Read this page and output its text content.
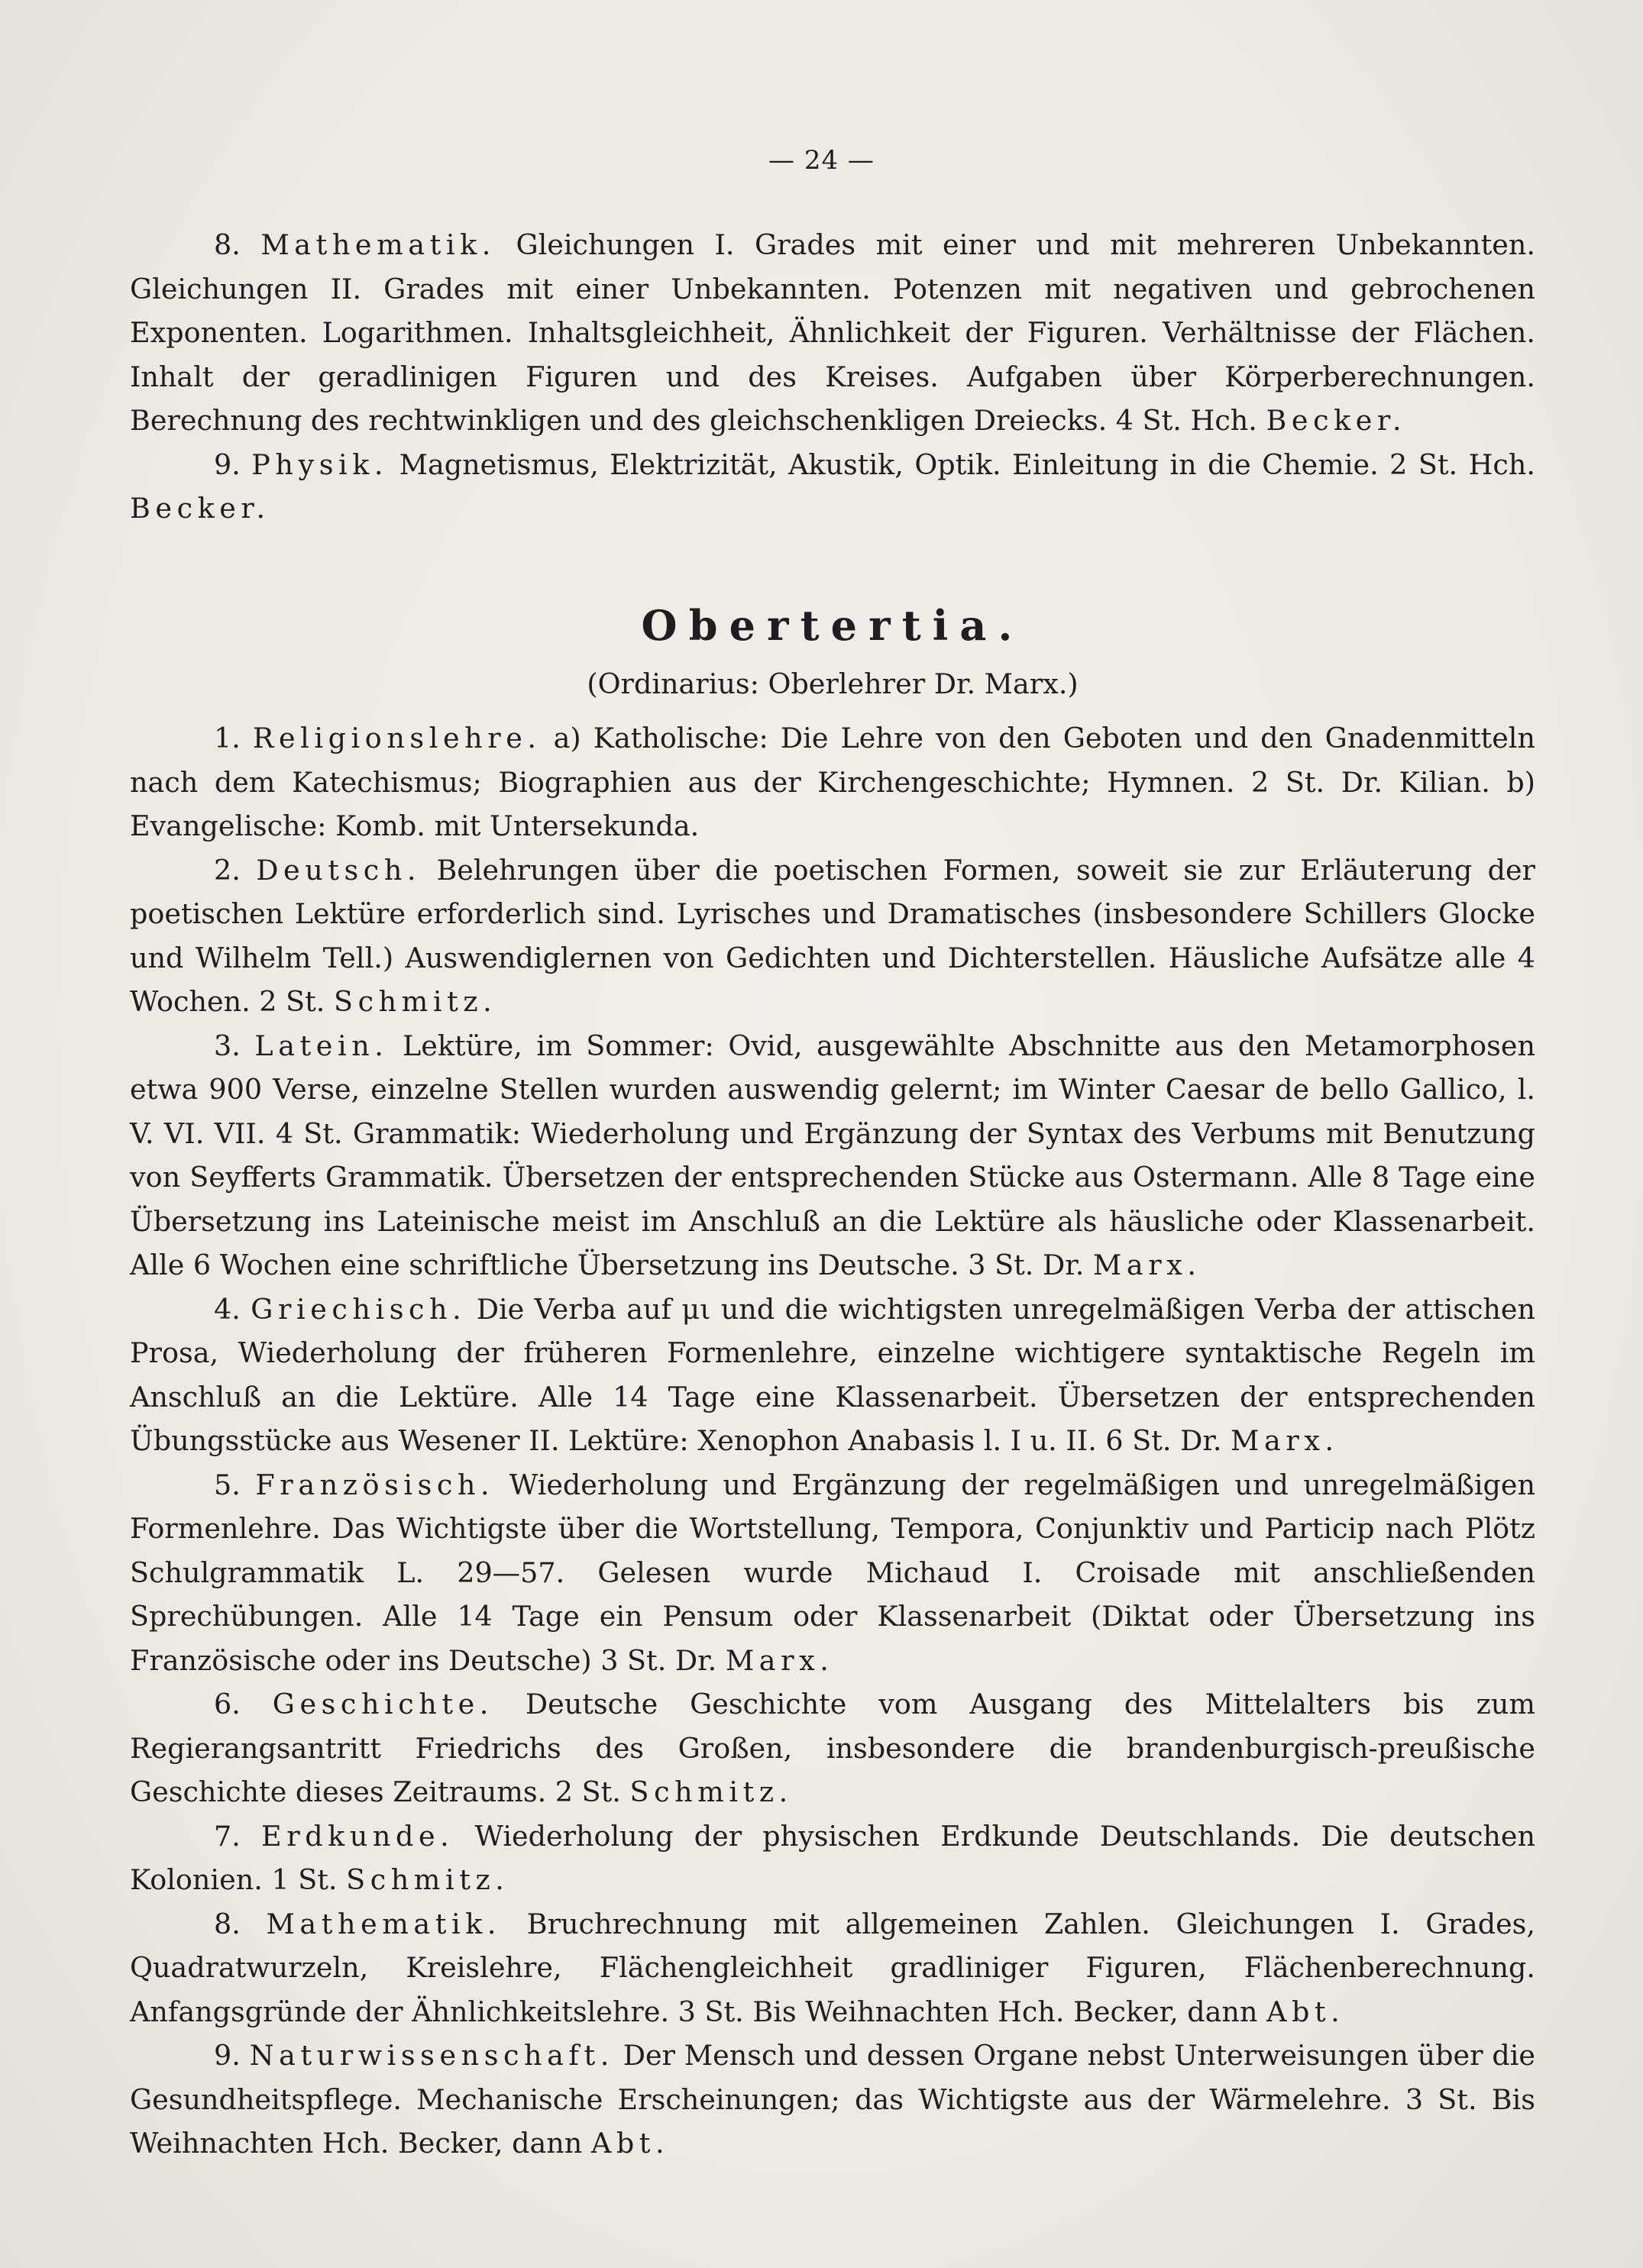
— 24 —

8. Mathematik. Gleichungen I. Grades mit einer und mit mehreren Unbekannten. Gleichungen II. Grades mit einer Unbekannten. Potenzen mit negativen und gebrochenen Exponenten. Logarithmen. Inhaltsgleichheit, Ähnlichkeit der Figuren. Verhältnisse der Flächen. Inhalt der geradlinigen Figuren und des Kreises. Aufgaben über Körperberechnungen. Berechnung des rechtwinkligen und des gleichschenkligen Dreiecks. 4 St. Hch. Becker.

9. Physik. Magnetismus, Elektrizität, Akustik, Optik. Einleitung in die Chemie. 2 St. Hch. Becker.

Obertertia.
(Ordinarius: Oberlehrer Dr. Marx.)

1. Religionslehre. a) Katholische: Die Lehre von den Geboten und den Gnadenmitteln nach dem Katechismus; Biographien aus der Kirchengeschichte; Hymnen. 2 St. Dr. Kilian. b) Evangelische: Komb. mit Untersekunda.

2. Deutsch. Belehrungen über die poetischen Formen, soweit sie zur Erläuterung der poetischen Lektüre erforderlich sind. Lyrisches und Dramatisches (insbesondere Schillers Glocke und Wilhelm Tell.) Auswendiglernen von Gedichten und Dichterstellen. Häusliche Aufsätze alle 4 Wochen. 2 St. Schmitz.

3. Latein. Lektüre, im Sommer: Ovid, ausgewählte Abschnitte aus den Metamorphosen etwa 900 Verse, einzelne Stellen wurden auswendig gelernt; im Winter Caesar de bello Gallico, l. V. VI. VII. 4 St. Grammatik: Wiederholung und Ergänzung der Syntax des Verbums mit Benutzung von Seyfferts Grammatik. Übersetzen der entsprechenden Stücke aus Ostermann. Alle 8 Tage eine Übersetzung ins Lateinische meist im Anschluß an die Lektüre als häusliche oder Klassenarbeit. Alle 6 Wochen eine schriftliche Übersetzung ins Deutsche. 3 St. Dr. Marx.

4. Griechisch. Die Verba auf μι und die wichtigsten unregelmäßigen Verba der attischen Prosa, Wiederholung der früheren Formenlehre, einzelne wichtigere syntaktische Regeln im Anschluß an die Lektüre. Alle 14 Tage eine Klassenarbeit. Übersetzen der entsprechenden Übungsstücke aus Wesener II. Lektüre: Xenophon Anabasis l. I u. II. 6 St. Dr. Marx.

5. Französisch. Wiederholung und Ergänzung der regelmäßigen und unregelmäßigen Formenlehre. Das Wichtigste über die Wortstellung, Tempora, Conjunktiv und Particip nach Plötz Schulgrammatik L. 29—57. Gelesen wurde Michaud I. Croisade mit anschließenden Sprechübungen. Alle 14 Tage ein Pensum oder Klassenarbeit (Diktat oder Übersetzung ins Französische oder ins Deutsche) 3 St. Dr. Marx.

6. Geschichte. Deutsche Geschichte vom Ausgang des Mittelalters bis zum Regierangsantritt Friedrichs des Großen, insbesondere die brandenburgisch-preußische Geschichte dieses Zeitraums. 2 St. Schmitz.

7. Erdkunde. Wiederholung der physischen Erdkunde Deutschlands. Die deutschen Kolonien. 1 St. Schmitz.

8. Mathematik. Bruchrechnung mit allgemeinen Zahlen. Gleichungen I. Grades, Quadratwurzeln, Kreislehre, Flächengleichheit gradliniger Figuren, Flächenberechnung. Anfangsgründe der Ähnlichkeitslehre. 3 St. Bis Weihnachten Hch. Becker, dann Abt.

9. Naturwissenschaft. Der Mensch und dessen Organe nebst Unterweisungen über die Gesundheitspflege. Mechanische Erscheinungen; das Wichtigste aus der Wärmelehre. 3 St. Bis Weihnachten Hch. Becker, dann Abt.
